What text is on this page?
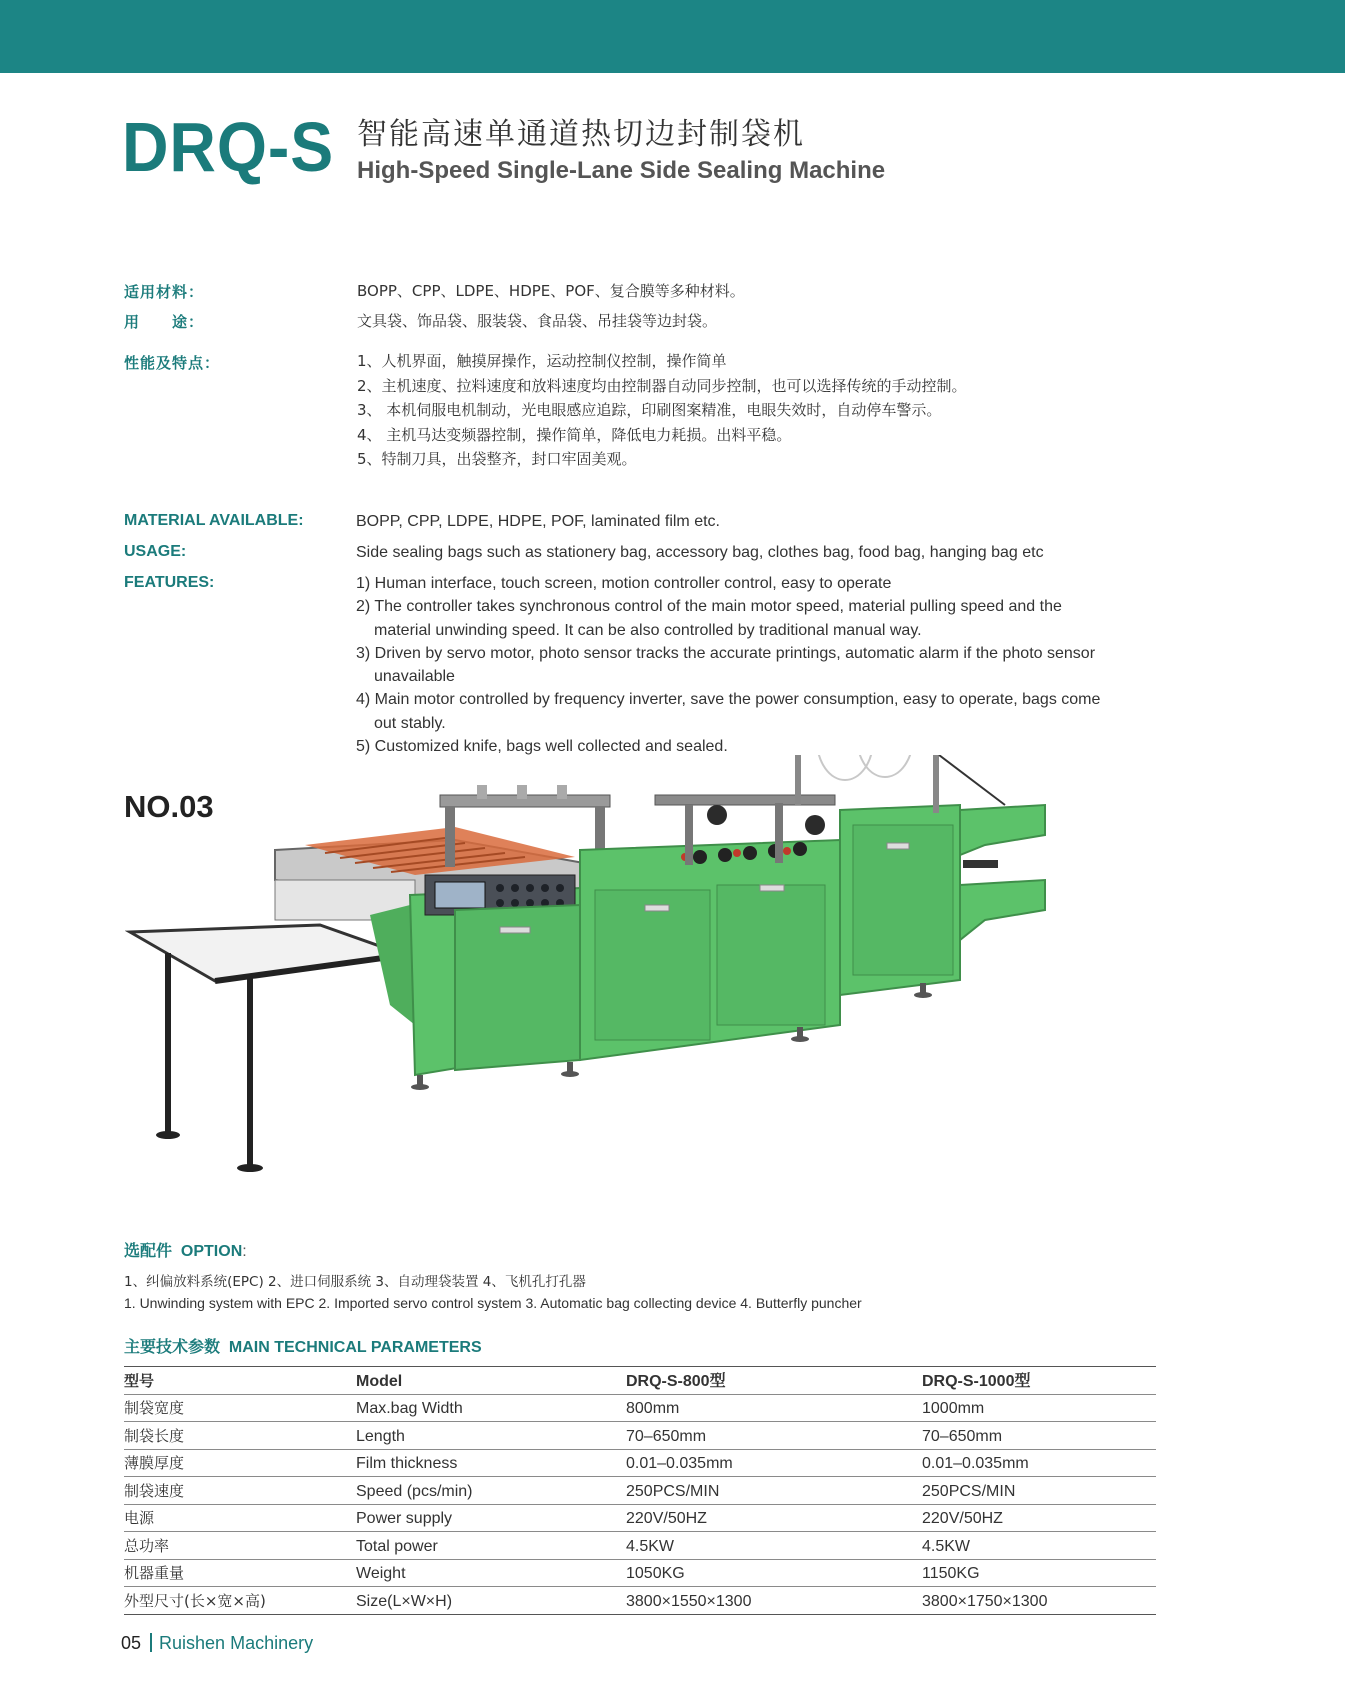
DRQ-S 智能高速单通道热切边封制袋机
High-Speed Single-Lane Side Sealing Machine
适用材料：	BOPP、CPP、LDPE、HDPE、POF、复合膜等多种材料。
用　　途：	文具袋、饰品袋、服装袋、食品袋、吊挂袋等边封袋。
性能及特点：	1、人机界面，触摸屏操作，运动控制仪控制，操作简单
2、主机速度、拉料速度和放料速度均由控制器自动同步控制，也可以选择传统的手动控制。
3、 本机伺服电机制动，光电眼感应追踪，印刷图案精准，电眼失效时，自动停车警示。
4、 主机马达变频器控制，操作简单，降低电力耗损。出料平稳。
5、特制刀具，出袋整齐，封口牢固美观。
MATERIAL AVAILABLE:	BOPP, CPP, LDPE, HDPE, POF, laminated film etc.
USAGE:	Side sealing bags such as stationery bag, accessory bag, clothes bag, food bag, hanging bag etc
FEATURES:	1) Human interface, touch screen, motion controller control, easy to operate
2) The controller takes synchronous control of the main motor speed, material pulling speed and the material unwinding speed. It can be also controlled by traditional manual way.
3) Driven by servo motor, photo sensor tracks the accurate printings, automatic alarm if the photo sensor unavailable
4) Main motor controlled by frequency inverter, save the power consumption, easy to operate, bags come out stably.
5) Customized knife, bags well collected and sealed.
NO.03
选配件 OPTION:
1、纠偏放料系统(EPC) 2、进口伺服系统 3、自动理袋装置 4、飞机孔打孔器
1. Unwinding system with EPC 2. Imported servo control system 3. Automatic bag collecting device 4. Butterfly puncher
主要技术参数 MAIN TECHNICAL PARAMETERS
型号	Model	DRQ-S-800型	DRQ-S-1000型
制袋宽度	Max.bag Width	800mm	1000mm
制袋长度	Length	70–650mm	70–650mm
薄膜厚度	Film thickness	0.01–0.035mm	0.01–0.035mm
制袋速度	Speed (pcs/min)	250PCS/MIN	250PCS/MIN
电源	Power supply	220V/50HZ	220V/50HZ
总功率	Total power	4.5KW	4.5KW
机器重量	Weight	1050KG	1150KG
外型尺寸(长×宽×高)	Size(L×W×H)	3800×1550×1300	3800×1750×1300
05 Ruishen Machinery
